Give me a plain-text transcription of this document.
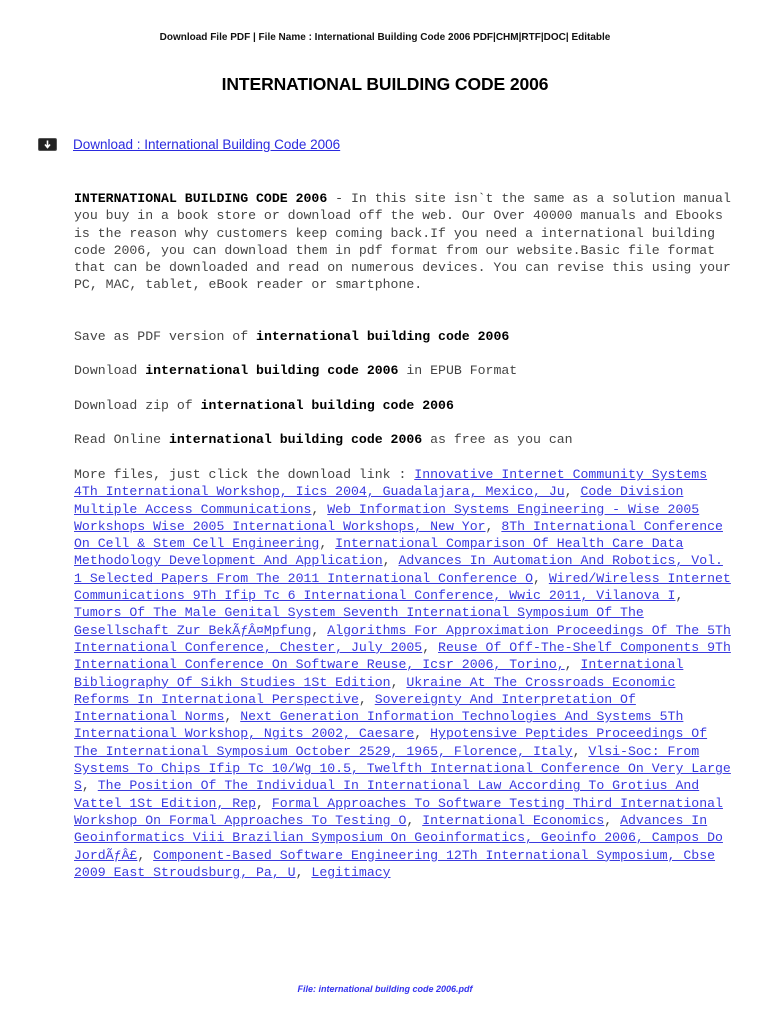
Download File PDF | File Name : International Building Code 2006 PDF|CHM|RTF|DOC| Editable
INTERNATIONAL BUILDING CODE 2006
Download : International Building Code 2006
INTERNATIONAL BUILDING CODE 2006 - In this site isn`t the same as a solution manual you buy in a book store or download off the web. Our Over 40000 manuals and Ebooks is the reason why customers keep coming back.If you need a international building code 2006, you can download them in pdf format from our website.Basic file format that can be downloaded and read on numerous devices. You can revise this using your PC, MAC, tablet, eBook reader or smartphone.
Save as PDF version of international building code 2006
Download international building code 2006 in EPUB Format
Download zip of international building code 2006
Read Online international building code 2006 as free as you can
More files, just click the download link : Innovative Internet Community Systems 4Th International Workshop, Iics 2004, Guadalajara, Mexico, Ju, Code Division Multiple Access Communications, Web Information Systems Engineering - Wise 2005 Workshops Wise 2005 International Workshops, New Yor, 8Th International Conference On Cell & Stem Cell Engineering, International Comparison Of Health Care Data Methodology Development And Application, Advances In Automation And Robotics, Vol. 1 Selected Papers From The 2011 International Conference O, Wired/Wireless Internet Communications 9Th Ifip Tc 6 International Conference, Wwic 2011, Vilanova I, Tumors Of The Male Genital System Seventh International Symposium Of The Gesellschaft Zur BekÃƒÂ¤Mpfung, Algorithms For Approximation Proceedings Of The 5Th International Conference, Chester, July 2005, Reuse Of Off-The-Shelf Components 9Th International Conference On Software Reuse, Icsr 2006, Torino,, International Bibliography Of Sikh Studies 1St Edition, Ukraine At The Crossroads Economic Reforms In International Perspective, Sovereignty And Interpretation Of International Norms, Next Generation Information Technologies And Systems 5Th International Workshop, Ngits 2002, Caesare, Hypotensive Peptides Proceedings Of The International Symposium October 2529, 1965, Florence, Italy, Vlsi-Soc: From Systems To Chips Ifip Tc 10/Wg 10.5, Twelfth International Conference On Very Large S, The Position Of The Individual In International Law According To Grotius And Vattel 1St Edition, Rep, Formal Approaches To Software Testing Third International Workshop On Formal Approaches To Testing O, International Economics, Advances In Geoinformatics Viii Brazilian Symposium On Geoinformatics, Geoinfo 2006, Campos Do JordÃƒÂ£, Component-Based Software Engineering 12Th International Symposium, Cbse 2009 East Stroudsburg, Pa, U, Legitimacy
File: international building code 2006.pdf
